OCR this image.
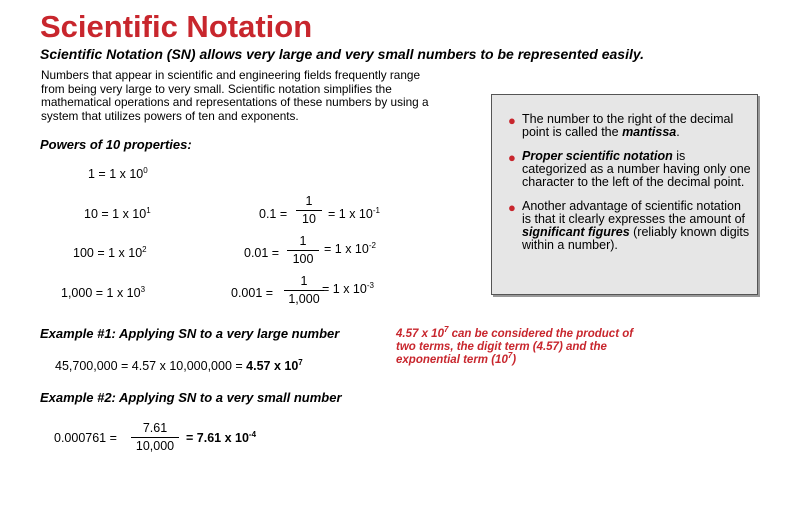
Scientific Notation
Scientific Notation (SN) allows very large and very small numbers to be represented easily.
Numbers that appear in scientific and engineering fields frequently range from being very large to very small. Scientific notation simplifies the mathematical operations and representations of these numbers by using a system that utilizes powers of ten and exponents.
Powers of 10 properties:
1 = 1 x $10^0$
10 = 1 x $10^1$
100 = 1 x $10^2$
1,000 = 1 x $10^3$
0.1 =
1
10 = 1 x $10^{-1}$
0.01 =
1
100
= 1 x $10^{-2}$
0.001 =
1
1,000
= 1 x $10^{-3}$
Example #1: Applying SN to a very large number
45,700,000 = 4.57 x 10,000,000 = 4.57 x $10^7$
Example #2: Applying SN to a very small number
0.000761 =
7.61
10,000
= 7.61 x $10^{-4}$
4.57 x $10^7$ can be considered the product of two terms, the digit term (4.57) and the exponential term $(10^7)$
● The number to the right of the decimal point is called the mantissa.
● Proper scientific notation is categorized as a number having only one character to the left of the decimal point.
● Another advantage of scientific notation is that it clearly expresses the amount of significant figures (reliably known digits within a number).
